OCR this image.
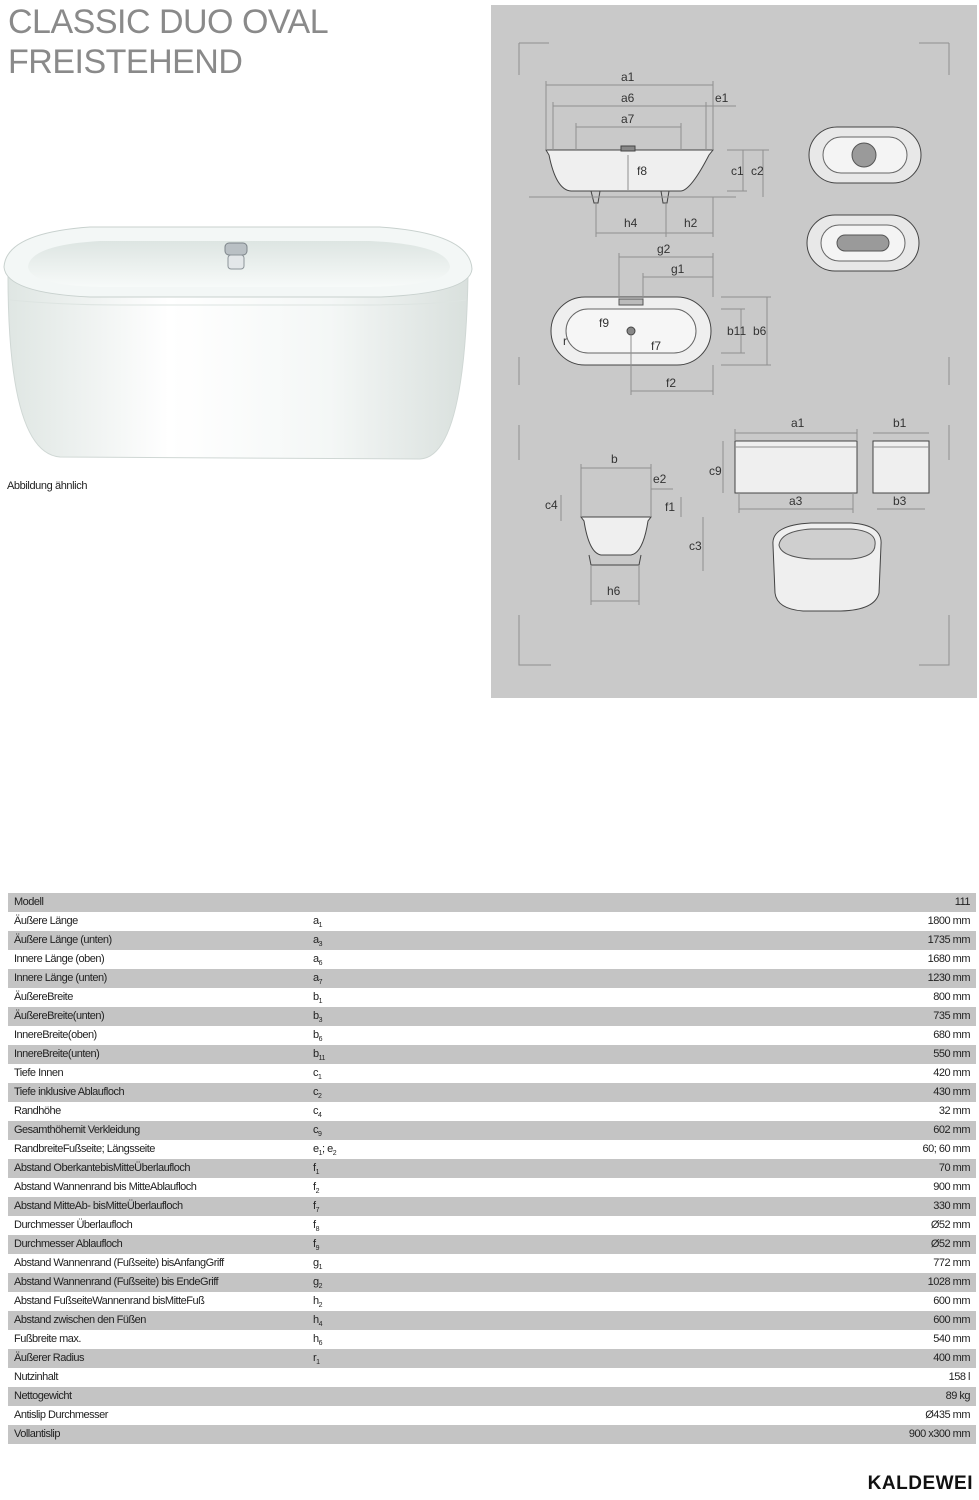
CLASSIC DUO OVAL
FREISTEHEND
Abbildung ähnlich
a1
a6
a7
e1
c1 c2
f8
h4	h2
g2
g1
f9
r	f7
b11 b6
f2
b
e2
c4	f1
c3
h6
a1	b1
c9
a3	b3
Modell	111
Äußere Länge	$a_1$	1800 mm
Äußere Länge (unten)	$a_3$	1735 mm
Innere Länge (oben)	$a_6$	1680 mm
Innere Länge (unten)	$a_7$	1230 mm
ÄußereBreite	$b_1$	800 mm
ÄußereBreite(unten)	$b_3$	735 mm
InnereBreite(oben)	$b_6$	680 mm
InnereBreite(unten)	$b_{11}$	550 mm
Tiefe Innen	$c_1$	420 mm
Tiefe inklusive Ablaufloch	$c_2$	430 mm
Randhöhe	$c_4$	32 mm
Gesamthöhemit Verkleidung	$c_9$	602 mm
RandbreiteFußseite; Längsseite	$e_1$; $e_2$	60; 60 mm
Abstand OberkantebisMitteÜberlaufloch	$f_1$	70 mm
Abstand Wannenrand bis MitteAblaufloch	$f_2$	900 mm
Abstand MitteAb- bisMitteÜberlaufloch	$f_7$	330 mm
Durchmesser Überlaufloch	$f_8$	Ø52 mm
Durchmesser Ablaufloch	$f_9$	Ø52 mm
Abstand Wannenrand (Fußseite) bisAnfangGriff	$g_1$	772 mm
Abstand Wannenrand (Fußseite) bis EndeGriff	$g_2$	1028 mm
Abstand FußseiteWannenrand bisMitteFuß	$h_2$	600 mm
Abstand zwischen den Füßen	$h_4$	600 mm
Fußbreite max.	$h_6$	540 mm
Äußerer Radius	$r_1$	400 mm
Nutzinhalt	158 l
Nettogewicht	89 kg
Antislip Durchmesser	Ø435 mm
Vollantislip	900 x300 mm
KALDEWEI
